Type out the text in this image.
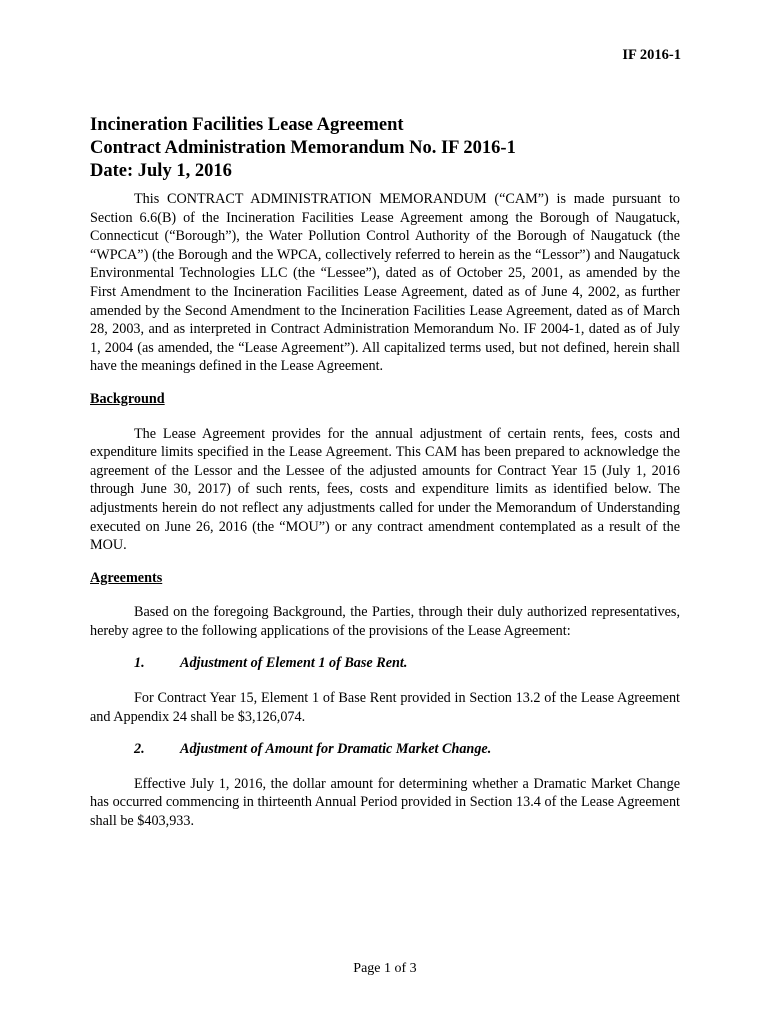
IF 2016-1
Incineration Facilities Lease Agreement
Contract Administration Memorandum No. IF 2016-1
Date: July 1, 2016

This CONTRACT ADMINISTRATION MEMORANDUM (“CAM”) is made pursuant to Section 6.6(B) of the Incineration Facilities Lease Agreement among the Borough of Naugatuck, Connecticut (“Borough”), the Water Pollution Control Authority of the Borough of Naugatuck (the “WPCA”) (the Borough and the WPCA, collectively referred to herein as the “Lessor”) and Naugatuck Environmental Technologies LLC (the “Lessee”), dated as of October 25, 2001, as amended by the First Amendment to the Incineration Facilities Lease Agreement, dated as of June 4, 2002, as further amended by the Second Amendment to the Incineration Facilities Lease Agreement, dated as of March 28, 2003, and as interpreted in Contract Administration Memorandum No. IF 2004-1, dated as of July 1, 2004 (as amended, the “Lease Agreement”). All capitalized terms used, but not defined, herein shall have the meanings defined in the Lease Agreement.

Background

The Lease Agreement provides for the annual adjustment of certain rents, fees, costs and expenditure limits specified in the Lease Agreement. This CAM has been prepared to acknowledge the agreement of the Lessor and the Lessee of the adjusted amounts for Contract Year 15 (July 1, 2016 through June 30, 2017) of such rents, fees, costs and expenditure limits as identified below. The adjustments herein do not reflect any adjustments called for under the Memorandum of Understanding executed on June 26, 2016 (the “MOU”) or any contract amendment contemplated as a result of the MOU.

Agreements

Based on the foregoing Background, the Parties, through their duly authorized representatives, hereby agree to the following applications of the provisions of the Lease Agreement:

1. Adjustment of Element 1 of Base Rent.

For Contract Year 15, Element 1 of Base Rent provided in Section 13.2 of the Lease Agreement and Appendix 24 shall be $3,126,074.

2. Adjustment of Amount for Dramatic Market Change.

Effective July 1, 2016, the dollar amount for determining whether a Dramatic Market Change has occurred commencing in thirteenth Annual Period provided in Section 13.4 of the Lease Agreement shall be $403,933.

Page 1 of 3
